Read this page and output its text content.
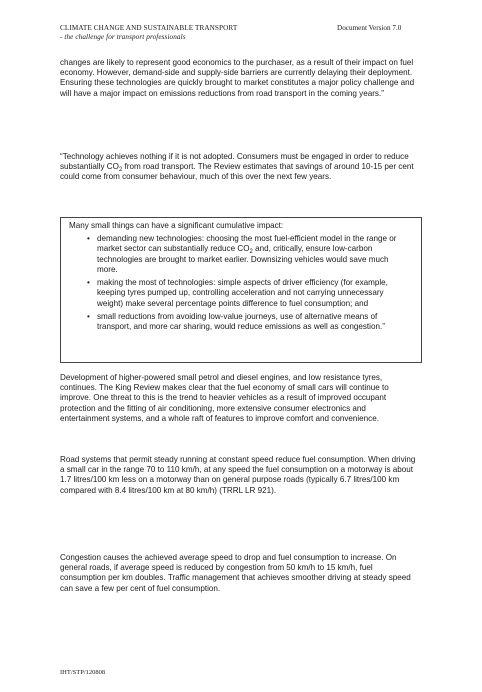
CLIMATE CHANGE AND SUSTAINABLE TRANSPORT
- the challenge for transport professionals
Document Version 7.0

changes are likely to represent good economics to the purchaser, as a result of their impact on fuel economy. However, demand-side and supply-side barriers are currently delaying their deployment. Ensuring these technologies are quickly brought to market constitutes a major policy challenge and will have a major impact on emissions reductions from road transport in the coming years.”

“Technology achieves nothing if it is not adopted. Consumers must be engaged in order to reduce substantially $CO_2$ from road transport. The Review estimates that savings of around 10-15 per cent could come from consumer behaviour, much of this over the next few years.

Many small things can have a significant cumulative impact:

• demanding new technologies: choosing the most fuel-efficient model in the range or market sector can substantially reduce $CO_2$ and, critically, ensure low-carbon technologies are brought to market earlier. Downsizing vehicles would save much more.
• making the most of technologies: simple aspects of driver efficiency (for example, keeping tyres pumped up, controlling acceleration and not carrying unnecessary weight) make several percentage points difference to fuel consumption; and
• small reductions from avoiding low-value journeys, use of alternative means of transport, and more car sharing, would reduce emissions as well as congestion.”

Development of higher-powered small petrol and diesel engines, and low resistance tyres, continues. The King Review makes clear that the fuel economy of small cars will continue to improve. One threat to this is the trend to heavier vehicles as a result of improved occupant protection and the fitting of air conditioning, more extensive consumer electronics and entertainment systems, and a whole raft of features to improve comfort and convenience.

Road systems that permit steady running at constant speed reduce fuel consumption. When driving a small car in the range 70 to 110 km/h, at any speed the fuel consumption on a motorway is about 1.7 litres/100 km less on a motorway than on general purpose roads (typically 6.7 litres/100 km compared with 8.4 litres/100 km at 80 km/h) (TRRL LR 921).

Congestion causes the achieved average speed to drop and fuel consumption to increase. On general roads, if average speed is reduced by congestion from 50 km/h to 15 km/h, fuel consumption per km doubles. Traffic management that achieves smoother driving at steady speed can save a few per cent of fuel consumption.

IHT/STP/120808
